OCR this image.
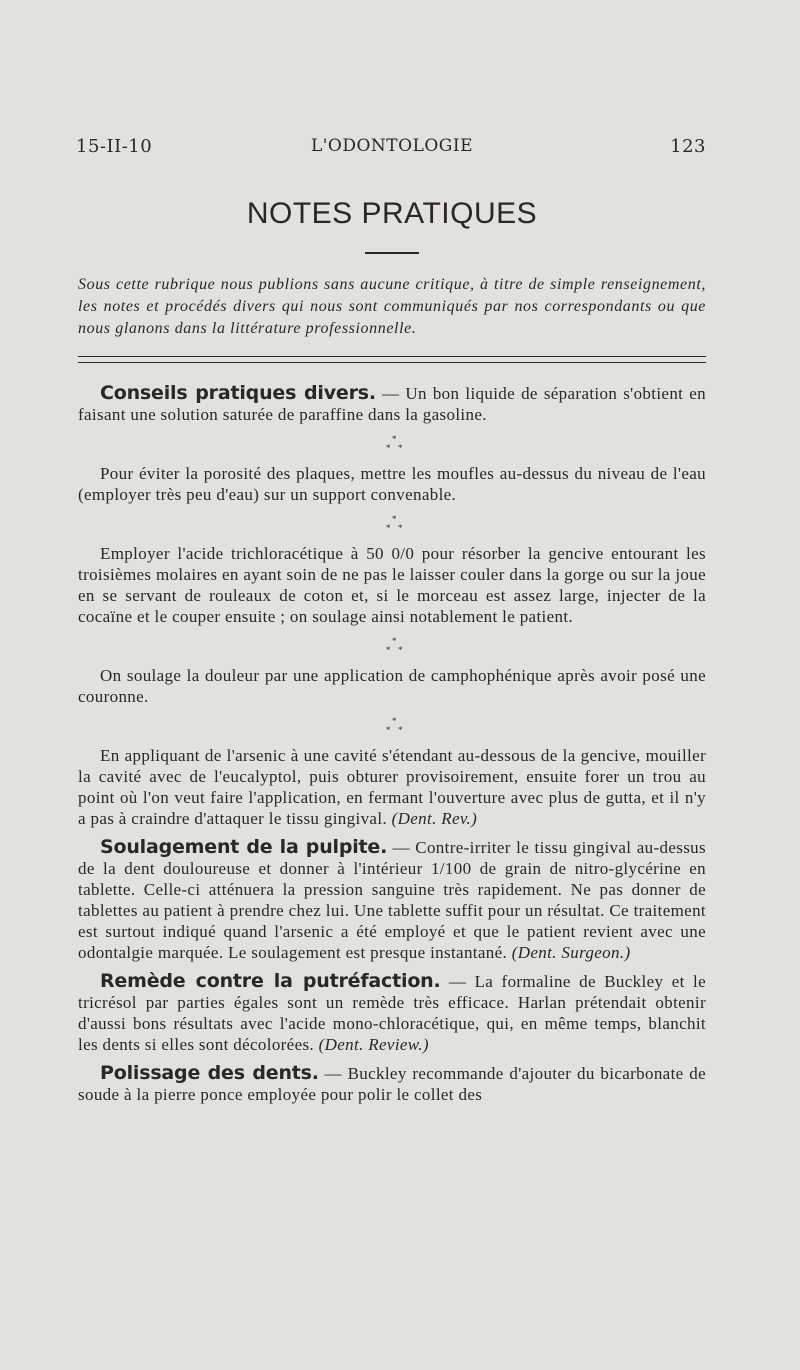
15-II-10	L'ODONTOLOGIE	123
NOTES PRATIQUES

Sous cette rubrique nous publions sans aucune critique, à titre de simple renseignement, les notes et procédés divers qui nous sont communiqués par nos correspondants ou que nous glanons dans la littérature professionnelle.

Conseils pratiques divers. — Un bon liquide de séparation s'obtient en faisant une solution saturée de paraffine dans la gasoline.

*
* *

Pour éviter la porosité des plaques, mettre les moufles au-dessus du niveau de l'eau (employer très peu d'eau) sur un support convenable.

*
* *

Employer l'acide trichloracétique à 50 0/0 pour résorber la gencive entourant les troisièmes molaires en ayant soin de ne pas le laisser couler dans la gorge ou sur la joue en se servant de rouleaux de coton et, si le morceau est assez large, injecter de la cocaïne et le couper ensuite ; on soulage ainsi notablement le patient.

*
* *

On soulage la douleur par une application de camphophénique après avoir posé une couronne.

*
* *

En appliquant de l'arsenic à une cavité s'étendant au-dessous de la gencive, mouiller la cavité avec de l'eucalyptol, puis obturer provisoirement, ensuite forer un trou au point où l'on veut faire l'application, en fermant l'ouverture avec plus de gutta, et il n'y a pas à craindre d'attaquer le tissu gingival. (Dent. Rev.)

Soulagement de la pulpite. — Contre-irriter le tissu gingival au-dessus de la dent douloureuse et donner à l'intérieur 1/100 de grain de nitro-glycérine en tablette. Celle-ci atténuera la pression sanguine très rapidement. Ne pas donner de tablettes au patient à prendre chez lui. Une tablette suffit pour un résultat. Ce traitement est surtout indiqué quand l'arsenic a été employé et que le patient revient avec une odontalgie marquée. Le soulagement est presque instantané. (Dent. Surgeon.)

Remède contre la putréfaction. — La formaline de Buckley et le tricrésol par parties égales sont un remède très efficace. Harlan prétendait obtenir d'aussi bons résultats avec l'acide mono-chloracétique, qui, en même temps, blanchit les dents si elles sont décolorées. (Dent. Review.)

Polissage des dents. — Buckley recommande d'ajouter du bicarbonate de soude à la pierre ponce employée pour polir le collet des
